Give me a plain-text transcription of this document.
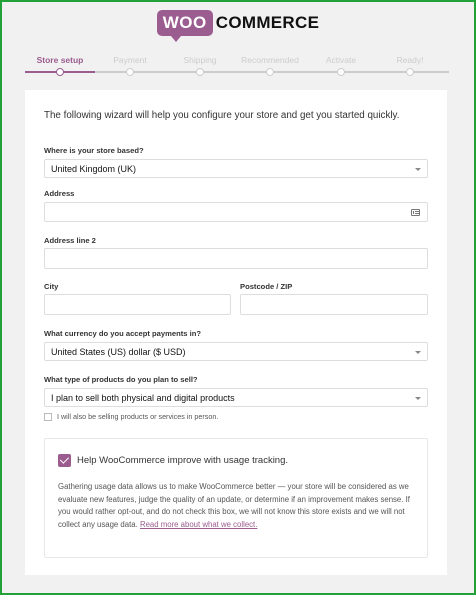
WOO COMMERCE
Store setup	Payment	Shipping	Recommended	Activate	Ready!
The following wizard will help you configure your store and get you started quickly.
Where is your store based?
United Kingdom (UK)
Address
Address line 2
City	Postcode / ZIP
What currency do you accept payments in?
United States (US) dollar ($ USD)
What type of products do you plan to sell?
I plan to sell both physical and digital products
I will also be selling products or services in person.
Help WooCommerce improve with usage tracking.

Gathering usage data allows us to make WooCommerce better — your store will be considered as we evaluate new features, judge the quality of an update, or determine if an improvement makes sense. If you would rather opt-out, and do not check this box, we will not know this store exists and we will not collect any usage data. Read more about what we collect.
